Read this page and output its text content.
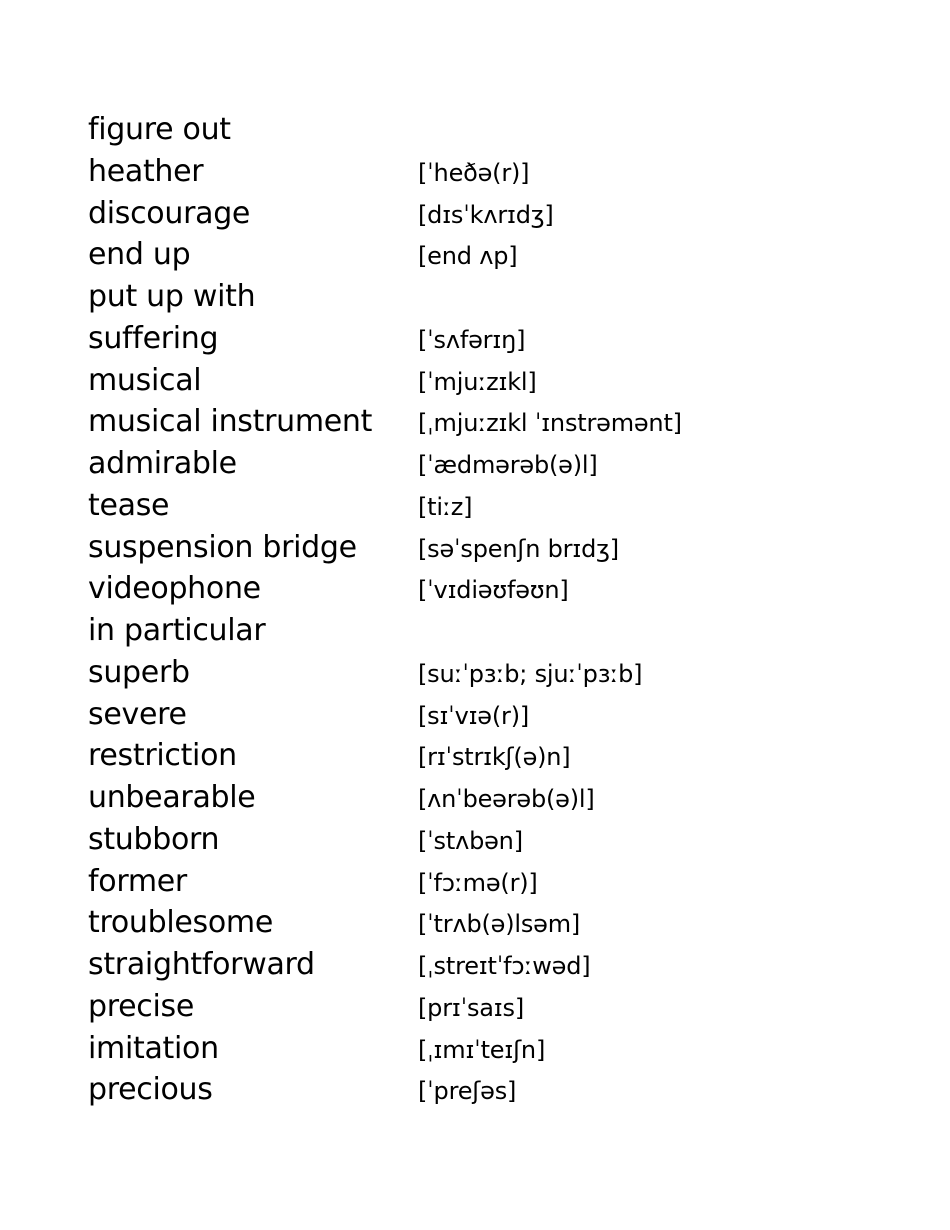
figure out
heather	[ˈheðə(r)]
discourage	[dɪsˈkʌrɪdʒ]
end up	[end ʌp]
put up with
suffering	[ˈsʌfərɪŋ]
musical	[ˈmjuːzɪkl]
musical instrument	[ˌmjuːzɪkl ˈɪnstrəmənt]
admirable	[ˈædmərəb(ə)l]
tease	[tiːz]
suspension bridge	[səˈspenʃn brɪdʒ]
videophone	[ˈvɪdiəʊfəʊn]
in particular
superb	[suːˈpɜːb; sjuːˈpɜːb]
severe	[sɪˈvɪə(r)]
restriction	[rɪˈstrɪkʃ(ə)n]
unbearable	[ʌnˈbeərəb(ə)l]
stubborn	[ˈstʌbən]
former	[ˈfɔːmə(r)]
troublesome	[ˈtrʌb(ə)lsəm]
straightforward	[ˌstreɪtˈfɔːwəd]
precise	[prɪˈsaɪs]
imitation	[ˌɪmɪˈteɪʃn]
precious	[ˈpreʃəs]
